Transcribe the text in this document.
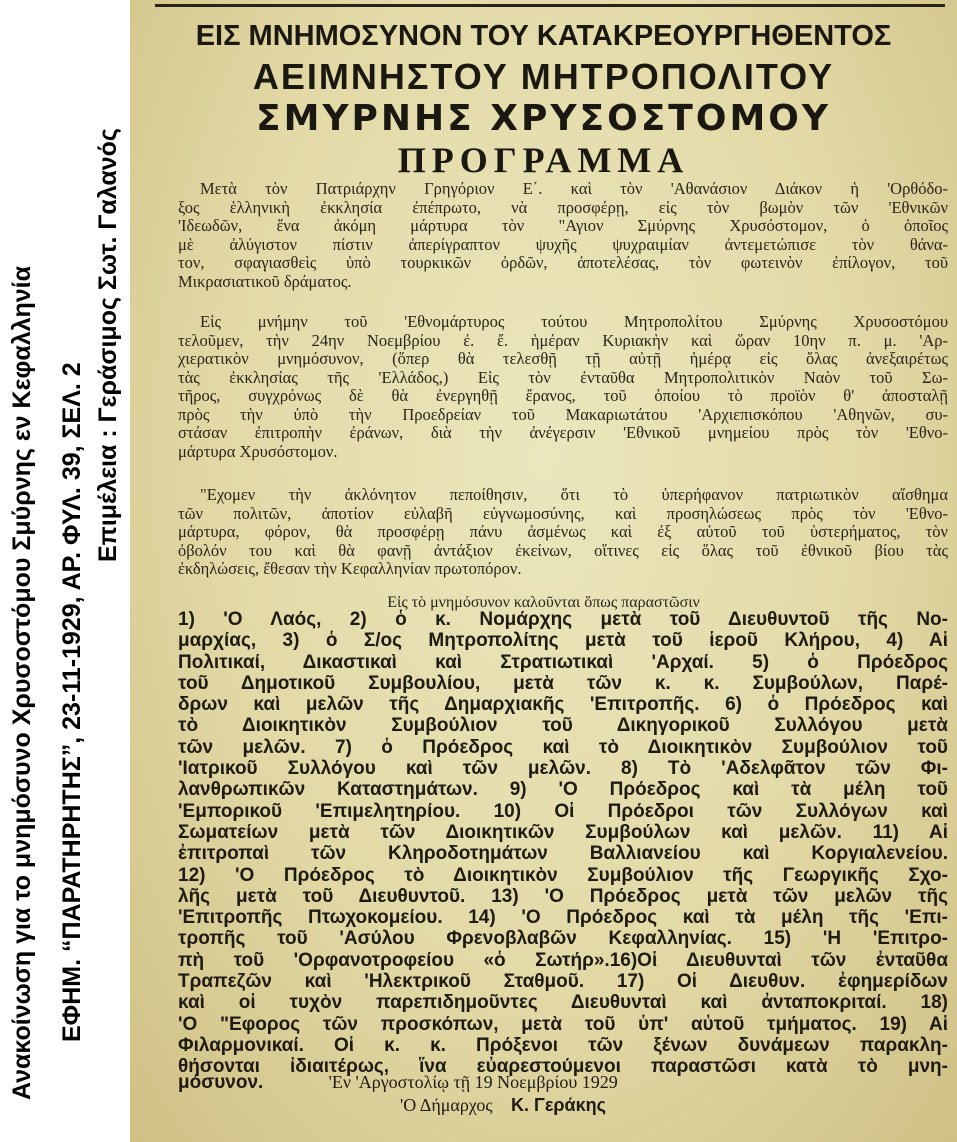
Ανακοίνωση για το μνημόσυνο Χρυσοστόμου Σμύρνης εν Κεφαλληνία ΕΦΗΜ. “ΠΑΡΑΤΗΡΗΤΗΣ”, 23-11-1929, ΑΡ. ΦΥΛ. 39, ΣΕΛ. 2
Επιμέλεια : Γεράσιμος Σωτ. Γαλανός
ΕΙΣ ΜΝΗΜΟΣΥΝΟΝ ΤΟΥ ΚΑΤΑΚΡΕΟΥΡΓΗΘΕΝΤΟΣ
ΑΕΙΜΝΗΣΤΟΥ ΜΗΤΡΟΠΟΛΙΤΟΥ
ΣΜΥΡΝΗΣ ΧΡΥΣΟΣΤΟΜΟΥ
ΠΡΟΓΡΑΜΜΑ
Μετὰ τὸν Πατριάρχην Γρηγόριον Ε΄. καὶ τὸν 'Αθανάσιον Διάκον ἡ 'Ορθόδο-
ξος ἑλληνικὴ ἐκκλησία ἐπέπρωτο, νὰ προσφέρῃ, εἰς τὸν βωμὸν τῶν 'Εθνικῶν
'Ιδεωδῶν, ἕνα ἀκόμη μάρτυρα τὸν "Αγιον Σμύρνης Χρυσόστομον, ὁ ὁποῖος
μὲ ἀλύγιστον πίστιν ἀπερίγραπτον ψυχῆς ψυχραιμίαν ἀντεμετώπισε τὸν θάνα-
τον, σφαγιασθεὶς ὑπὸ τουρκικῶν ὀρδῶν, ἀποτελέσας, τὸν φωτεινὸν ἐπίλογον, τοῦ
Μικρασιατικοῦ δράματος.
Εἰς μνήμην τοῦ 'Εθνομάρτυρος τούτου Μητροπολίτου Σμύρνης Χρυσοστόμου
τελοῦμεν, τὴν 24ην Νοεμβρίου ἐ. ἔ. ἡμέραν Κυριακὴν καὶ ὥραν 10ην π. μ. 'Αρ-
χιερατικὸν μνημόσυνον, (ὅπερ θὰ τελεσθῇ τῇ αὐτῇ ἡμέρᾳ εἰς ὅλας ἀνεξαιρέτως
τὰς ἐκκλησίας τῆς 'Ελλάδος,) Εἰς τὸν ἐνταῦθα Μητροπολιτικὸν Ναὸν τοῦ Σω-
τῆρος, συγχρόνως δὲ θὰ ἐνεργηθῇ ἔρανος, τοῦ ὁποίου τὸ προϊὸν θ' ἀποσταλῇ
πρὸς τὴν ὑπὸ τὴν Προεδρείαν τοῦ Μακαριωτάτου 'Αρχιεπισκόπου 'Αθηνῶν, συ-
στάσαν ἐπιτροπὴν ἐράνων, διὰ τὴν ἀνέγερσιν 'Εθνικοῦ μνημείου πρὸς τὸν 'Εθνο-
μάρτυρα Χρυσόστομον.
"Εχομεν τὴν ἀκλόνητον πεποίθησιν, ὅτι τὸ ὑπερήφανον πατριωτικὸν αἴσθημα
τῶν πολιτῶν, ἀποτίον εὐλαβῆ εὐγνωμοσύνης, καὶ προσηλώσεως πρὸς τὸν 'Εθνο-
μάρτυρα, φόρον, θὰ προσφέρῃ πάνυ ἀσμένως καὶ ἐξ αὐτοῦ τοῦ ὑστερήματος, τὸν
ὀβολόν του καὶ θὰ φανῇ ἀντάξιον ἐκείνων, οἵτινες εἰς ὅλας τοῦ ἐθνικοῦ βίου τὰς
ἐκδηλώσεις, ἔθεσαν τὴν Κεφαλληνίαν πρωτοπόρον.
Εἰς τὸ μνημόσυνον καλοῦνται ὅπως παραστῶσιν
1) 'Ο Λαός, 2) ὁ κ. Νομάρχης μετὰ τοῦ Διευθυντοῦ τῆς Νο-
μαρχίας, 3) ὁ Σ/ος Μητροπολίτης μετὰ τοῦ ἱεροῦ Κλήρου, 4) Αἱ
Πολιτικαί, Δικαστικαὶ καὶ Στρατιωτικαὶ 'Αρχαί. 5) ὁ Πρόεδρος
τοῦ Δημοτικοῦ Συμβουλίου, μετὰ τῶν κ. κ. Συμβούλων, Παρέ-
δρων καὶ μελῶν τῆς Δημαρχιακῆς 'Επιτροπῆς. 6) ὁ Πρόεδρος καὶ
τὸ Διοικητικὸν Συμβούλιον τοῦ Δικηγορικοῦ Συλλόγου μετὰ
τῶν μελῶν. 7) ὁ Πρόεδρος καὶ τὸ Διοικητικὸν Συμβούλιον τοῦ
'Ιατρικοῦ Συλλόγου καὶ τῶν μελῶν. 8) Τὸ 'Αδελφᾶτον τῶν Φι-
λανθρωπικῶν Καταστημάτων. 9) 'Ο Πρόεδρος καὶ τὰ μέλη τοῦ
'Εμπορικοῦ 'Επιμελητηρίου. 10) Οἱ Πρόεδροι τῶν Συλλόγων καὶ
Σωματείων μετὰ τῶν Διοικητικῶν Συμβούλων καὶ μελῶν. 11) Αἱ
ἐπιτροπαὶ τῶν Κληροδοτημάτων Βαλλιανείου καὶ Κοργιαλενείου.
12) 'Ο Πρόεδρος τὸ Διοικητικὸν Συμβούλιον τῆς Γεωργικῆς Σχο-
λῆς μετὰ τοῦ Διευθυντοῦ. 13) 'Ο Πρόεδρος μετὰ τῶν μελῶν τῆς
'Επιτροπῆς Πτωχοκομείου. 14) 'Ο Πρόεδρος καὶ τὰ μέλη τῆς 'Επι-
τροπῆς τοῦ 'Ασύλου Φρενοβλαβῶν Κεφαλληνίας. 15) 'Η 'Επιτρο-
πὴ τοῦ 'Ορφανοτροφείου «ὁ Σωτήρ».16)Οἱ Διευθυνταὶ τῶν ἐνταῦθα
Τραπεζῶν καὶ 'Ηλεκτρικοῦ Σταθμοῦ. 17) Οἱ Διευθυν. ἐφημερίδων
καὶ οἱ τυχὸν παρεπιδημοῦντες Διευθυνταὶ καὶ ἀνταποκριταί. 18)
'Ο "Εφορος τῶν προσκόπων, μετὰ τοῦ ὑπ' αὐτοῦ τμήματος. 19) Αἱ
Φιλαρμονικαί. Οἱ κ. κ. Πρόξενοι τῶν ξένων δυνάμεων παρακλη-
θήσονται ἰδιαιτέρως, ἵνα εὐαρεστούμενοι παραστῶσι κατὰ τὸ μνη-
μόσυνον.	'Εν 'Αργοστολίῳ τῇ 19 Νοεμβρίου 1929
'Ο Δήμαρχος Κ. Γεράκης
